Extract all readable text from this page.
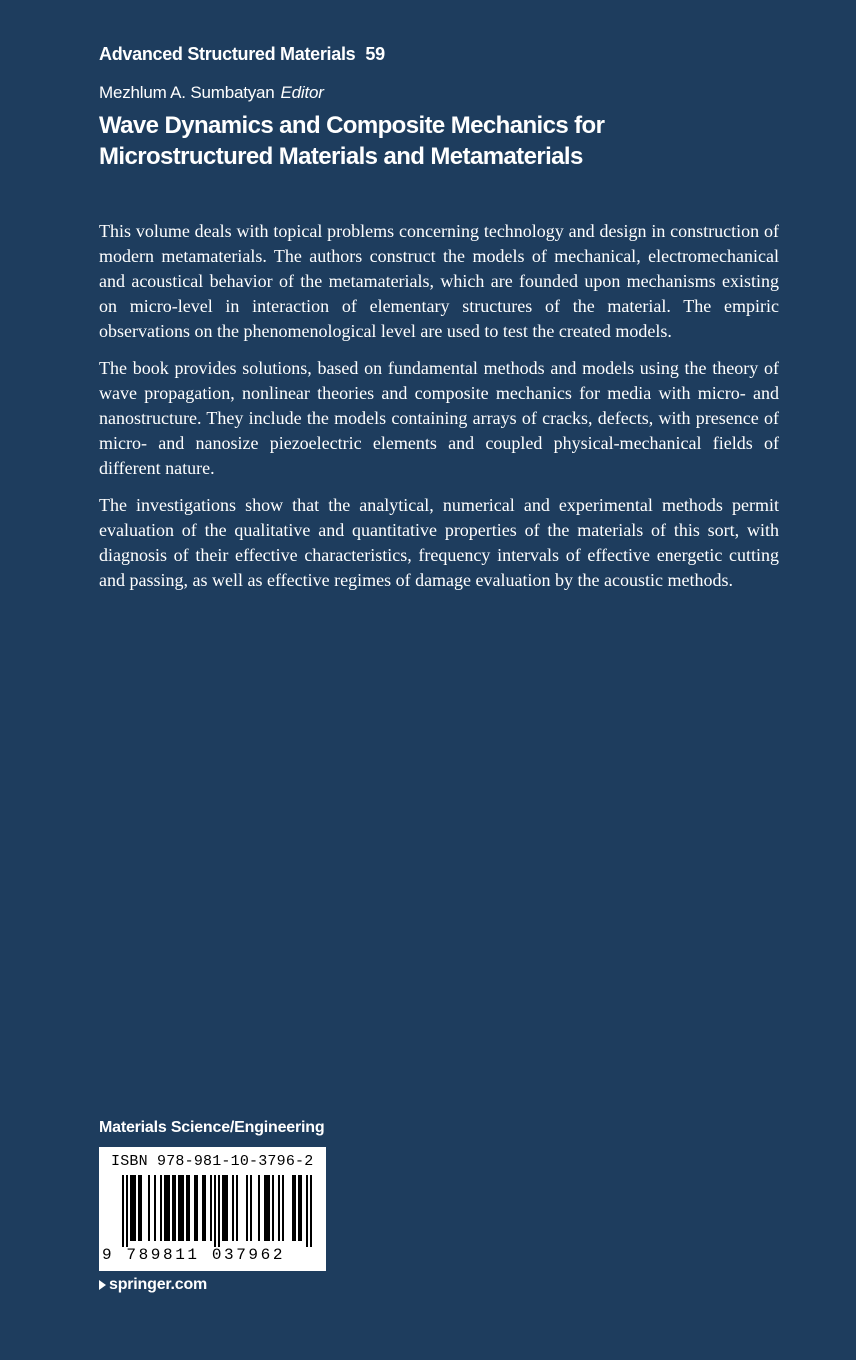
Advanced Structured Materials 59
Mezhlum A. Sumbatyan Editor
Wave Dynamics and Composite Mechanics for Microstructured Materials and Metamaterials

This volume deals with topical problems concerning technology and design in construction of modern metamaterials. The authors construct the models of mechanical, electromechanical and acoustical behavior of the metamaterials, which are founded upon mechanisms existing on micro-level in interaction of elementary structures of the material. The empiric observations on the phenomenological level are used to test the created models.

The book provides solutions, based on fundamental methods and models using the theory of wave propagation, nonlinear theories and composite mechanics for media with micro- and nanostructure. They include the models containing arrays of cracks, defects, with presence of micro- and nanosize piezoelectric elements and coupled physical-mechanical fields of different nature.

The investigations show that the analytical, numerical and experimental methods permit evaluation of the qualitative and quantitative properties of the materials of this sort, with diagnosis of their effective characteristics, frequency intervals of effective energetic cutting and passing, as well as effective regimes of damage evaluation by the acoustic methods.

Materials Science/Engineering
ISBN 978-981-10-3796-2
9 789811 037962
springer.com
